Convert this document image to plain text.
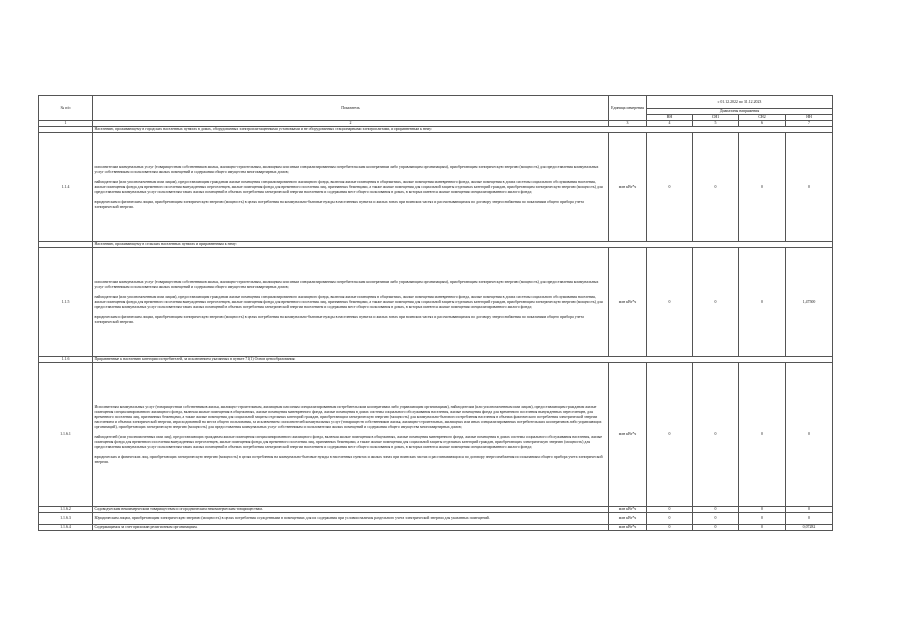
№ п/п	Показатель	Единица измерения	с 01.12.2022 по 31.12.2023			
			Диапазоны напряжения			
			ВН	СН1	СН2	НН
1	2	3	4	5	6	7
	Населению, проживающему в городских населенных пунктах в домах, оборудованных электроплитащенными установками и не оборудованных стационарными электроплитами, и приравненным к нему:					
1.1.4	исполнителям коммунальных услуг (товариществам собственников жилья, жилищно-строительным, жилищным или иным специализированным потребительским кооперативам либо управляющим организациям), приобретающим электрическую энергию (мощность) для предоставления коммунальных услуг собственникам и пользователям жилых помещений и содержания общего имущества многоквартирных домов;
наймодателям (или уполномоченным ими лицам), предоставляющим гражданам жилые помещения специализированного жилищного фонда, включая жилые помещения в общежитиях, жилые помещения маневренного фонда, жилые помещения в домах системы социального обслуживания населения, жилые помещения фонда для временного поселения вынужденных переселенцев, жилые помещения фонда для временного поселения лиц, признанных беженцами, а также жилые помещения для социальной защиты отдельных категорий граждан, приобретающим электрическую энергию (мощность) для предоставления коммунальных услуг пользователям таких жилых помещений в объемах потребления электрической энергии населением и содержания мест общего пользования в домах, в которых имеются жилые помещения специализированного жилого фонда;
юридическим и физическим лицам, приобретающим электрическую энергию (мощность) в целях потребления на коммунально-бытовые нужды в населенных пунктах и жилых зонах при воинских частях и рассчитывающимся по договору энергоснабжения по показаниям общего прибора учета электрической энергии.	млн кВт*ч	0	0	0	0
	Населению, проживающему в сельских населенных пунктах и приравненным к нему:					
1.1.5	исполнителям коммунальных услуг (товариществам собственников жилья, жилищно-строительным, жилищным или иным специализированным потребительским кооперативам либо управляющим организациям), приобретающим электрическую энергию (мощность) для предоставления коммунальных услуг собственникам и пользователям жилых помещений и содержания общего имущества многоквартирных домов;
наймодателям (или уполномоченным ими лицам), предоставляющим гражданам жилые помещения специализированного жилищного фонда, включая жилые помещения в общежитиях, жилые помещения маневренного фонда, жилые помещения в домах системы социального обслуживания населения, жилые помещения фонда для временного поселения вынужденных переселенцев, жилые помещения фонда для временного поселения лиц, признанных беженцами, а также жилые помещения для социальной защиты отдельных категорий граждан, приобретающим электрическую энергию (мощность) для предоставления коммунальных услуг пользователям таких жилых помещений в объемах потребления электрической энергии населением и содержания мест общего пользования в домах, в которых имеются жилые помещения специализированного жилого фонда;
юридическим и физическим лицам, приобретающим электрическую энергию (мощность) в целях потребления на коммунально-бытовые нужды в населенных пунктах и жилых зонах при воинских частях и рассчитывающимся по договору энергоснабжения по показаниям общего прибора учета электрической энергии.	млн кВт*ч	0	0	0	1,47500
1.1.6	Приравненные к населению категории потребителей, за исключением указанных в пункте 71(1) Основ ценообразования:					
1.1.6.1	Исполнителям коммунальных услуг (товариществам собственников жилья, жилищно-строительным, жилищным или иным специализированным потребительским кооперативам либо управляющим организациям), наймодателям (или уполномоченным ими лицам), предоставляющим гражданам жилые помещения специализированного жилищного фонда, включая жилые помещения в общежитиях, жилые помещения маневренного фонда, жилые помещения в домах системы социального обслуживания населения, жилые помещения фонда для временного поселения вынужденных переселенцев, для временного поселения лиц, признанных беженцами, а также жилые помещения для социальной защиты отдельных категорий граждан, приобретающим электрическую энергию (мощность) для коммунально-бытового потребления населения в объемах фактического потребления электрической энергии населением и объемах электрической энергии, израсходованной на места общего пользования, за исключением: исполнителей коммунальных услуг (товариществ собственников жилья, жилищно-строительных, жилищных или иных специализированных потребительских кооперативов либо управляющих организаций), приобретающих электрическую энергию (мощность) для предоставления коммунальных услуг собственникам и пользователям жилых помещений и содержания общего имущества многоквартирных домов;
наймодателей (или уполномоченных ими лиц), предоставляющих гражданам жилые помещения специализированного жилищного фонда, включая жилые помещения в общежитиях, жилые помещения маневренного фонда, жилые помещения в домах системы социального обслуживания населения, жилые помещения фонда для временного поселения вынужденных переселенцев, жилые помещения фонда для временного поселения лиц, признанных беженцами, а также жилые помещения для социальной защиты отдельных категорий граждан, приобретающих электрическую энергию (мощность) для предоставления коммунальных услуг пользователям таких жилых помещений в объемах потребления электрической энергии населением и содержания мест общего пользования в домах, в которых имеются жилые помещения специализированного жилого фонда;
юридических и физических лиц, приобретающих электрическую энергию (мощность) в целях потребления на коммунально-бытовые нужды в населенных пунктах и жилых зонах при воинских частях и рассчитывающихся по договору энергоснабжения по показаниям общего прибора учета электрической энергии.	млн кВт*ч	0	0	0	0
1.1.6.2	Садоводческим некоммерческим товариществам и огородническим некоммерческим товариществам.	млн кВт*ч	0	0	0	0
1.1.6.3	Юридическим лицам, приобретающим электрическую энергию (мощность) в целях потребления осужденными в помещениях для их содержания при условии наличия раздельного учета электрической энергии для указанных помещений.	млн кВт*ч	0	0	0	0
1.1.6.4	Содержащимся за счет прихожан религиозным организациям.	млн кВт*ч	0	0	0	0,07282
